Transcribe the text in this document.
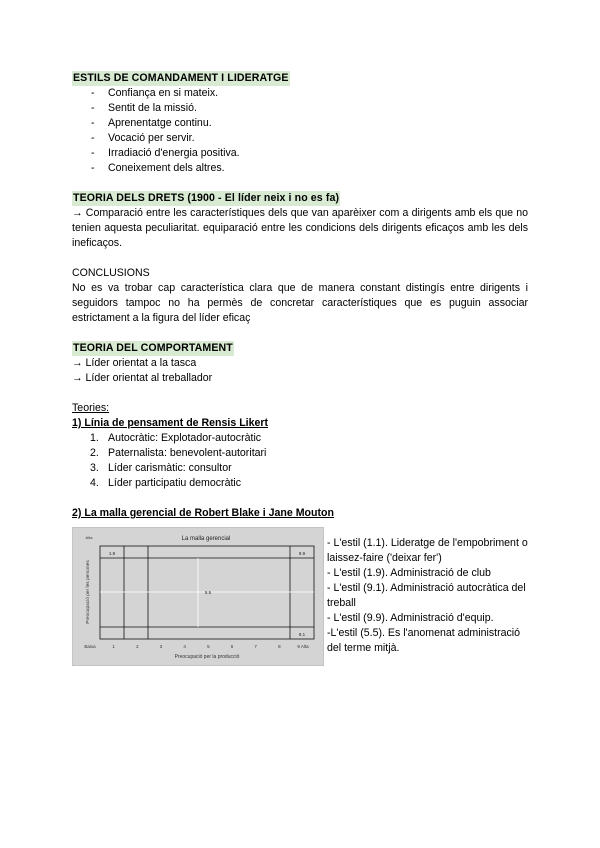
ESTILS DE COMANDAMENT I LIDERATGE
- Confiança en si mateix.
- Sentit de la missió.
- Aprenentatge continu.
- Vocació per servir.
- Irradiació d'energia positiva.
- Coneixement dels altres.
TEORIA DELS DRETS (1900 - El líder neix i no es fa)
→ Comparació entre les característiques dels que van aparèixer com a dirigents amb els que no tenien aquesta peculiaritat. equiparació entre les condicions dels dirigents eficaços amb les dels ineficaços.
CONCLUSIONS
No es va trobar cap característica clara que de manera constant distingís entre dirigents i seguidors tampoc no ha permès de concretar característiques que es puguin associar estrictament a la figura del líder eficaç
TEORIA DEL COMPORTAMENT
→ Líder orientat a la tasca
→ Líder orientat al treballador
Teories:
1) Línia de pensament de Rensis Likert
1. Autocràtic: Explotador-autocràtic
2. Paternalista: benevolent-autoritari
3. Líder carismàtic: consultor
4. Líder participatiu democràtic
2) La malla gerencial de Robert Blake i Jane Mouton
La malla gerencial
Alta
1.9	9.9
5.5
9.1
Preocupació per les persones
Baixa	1	2	3	4	5	6	7	8	9 Alta
Preocupació per la producció
- L'estil (1.1). Lideratge de l'empobriment o laissez-faire ('deixar fer')
- L'estil (1.9). Administració de club
- L'estil (9.1). Administració autocràtica del treball
- L'estil (9.9). Administració d'equip.
-L'estil (5.5). Es l'anomenat administració del terme mitjà.
